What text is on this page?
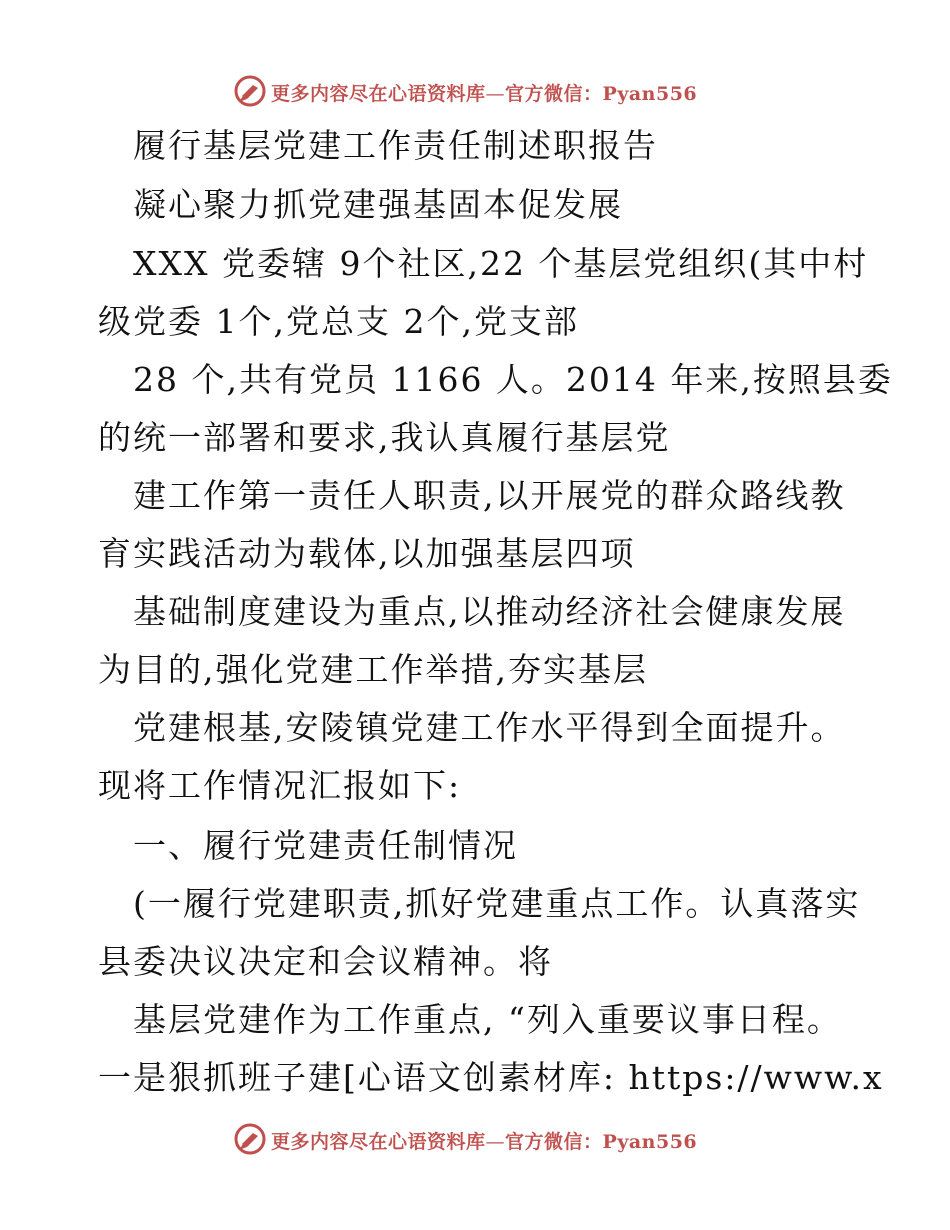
更多内容尽在心语资料库—官方微信：Pyan556
履行基层党建工作责任制述职报告
凝心聚力抓党建强基固本促发展
XXX 党委辖 9个社区,22 个基层党组织(其中村
级党委 1个,党总支 2个,党支部
28 个,共有党员 1166 人。2014 年来,按照县委
的统一部署和要求,我认真履行基层党
建工作第一责任人职责,以开展党的群众路线教
育实践活动为载体,以加强基层四项
基础制度建设为重点,以推动经济社会健康发展
为目的,强化党建工作举措,夯实基层
党建根基,安陵镇党建工作水平得到全面提升。
现将工作情况汇报如下:
一、履行党建责任制情况
(一履行党建职责,抓好党建重点工作。认真落实
县委决议决定和会议精神。将
基层党建作为工作重点, “列入重要议事日程。
一是狠抓班子建[心语文创素材库: https://www.x
更多内容尽在心语资料库—官方微信：Pyan556
